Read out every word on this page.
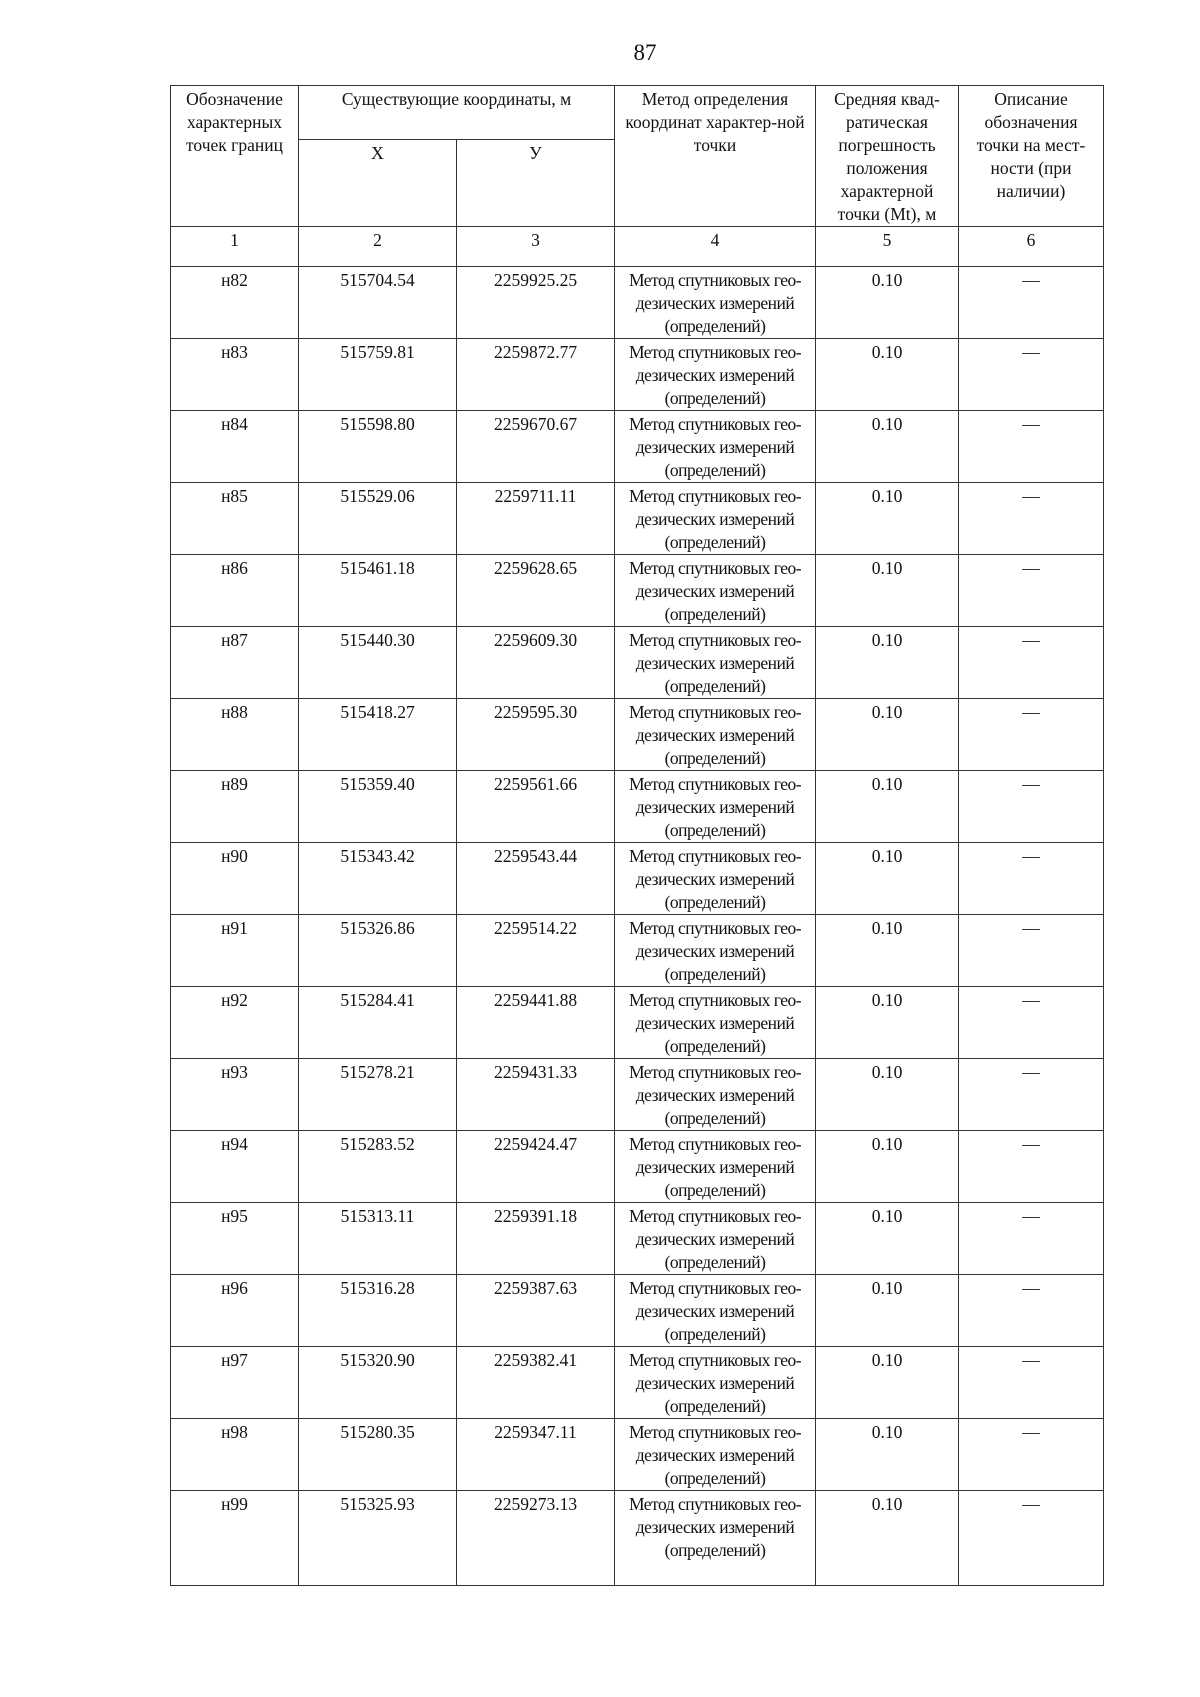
87
Обозначение характерных точек границ	Существующие координаты, м		Метод определения координат характер-ной точки	Средняя квад-ратическая погрешность положения характерной точки (Mt), м	Описание обозначения точки на мест-ности (при наличии)
	X	У			
1	2	3	4	5	6
н82	515704.54	2259925.25	Метод спутниковых гео-дезических измерений (определений)	0.10	—
н83	515759.81	2259872.77	Метод спутниковых гео-дезических измерений (определений)	0.10	—
н84	515598.80	2259670.67	Метод спутниковых гео-дезических измерений (определений)	0.10	—
н85	515529.06	2259711.11	Метод спутниковых гео-дезических измерений (определений)	0.10	—
н86	515461.18	2259628.65	Метод спутниковых гео-дезических измерений (определений)	0.10	—
н87	515440.30	2259609.30	Метод спутниковых гео-дезических измерений (определений)	0.10	—
н88	515418.27	2259595.30	Метод спутниковых гео-дезических измерений (определений)	0.10	—
н89	515359.40	2259561.66	Метод спутниковых гео-дезических измерений (определений)	0.10	—
н90	515343.42	2259543.44	Метод спутниковых гео-дезических измерений (определений)	0.10	—
н91	515326.86	2259514.22	Метод спутниковых гео-дезических измерений (определений)	0.10	—
н92	515284.41	2259441.88	Метод спутниковых гео-дезических измерений (определений)	0.10	—
н93	515278.21	2259431.33	Метод спутниковых гео-дезических измерений (определений)	0.10	—
н94	515283.52	2259424.47	Метод спутниковых гео-дезических измерений (определений)	0.10	—
н95	515313.11	2259391.18	Метод спутниковых гео-дезических измерений (определений)	0.10	—
н96	515316.28	2259387.63	Метод спутниковых гео-дезических измерений (определений)	0.10	—
н97	515320.90	2259382.41	Метод спутниковых гео-дезических измерений (определений)	0.10	—
н98	515280.35	2259347.11	Метод спутниковых гео-дезических измерений (определений)	0.10	—
н99	515325.93	2259273.13	Метод спутниковых гео-дезических измерений (определений)	0.10	—
